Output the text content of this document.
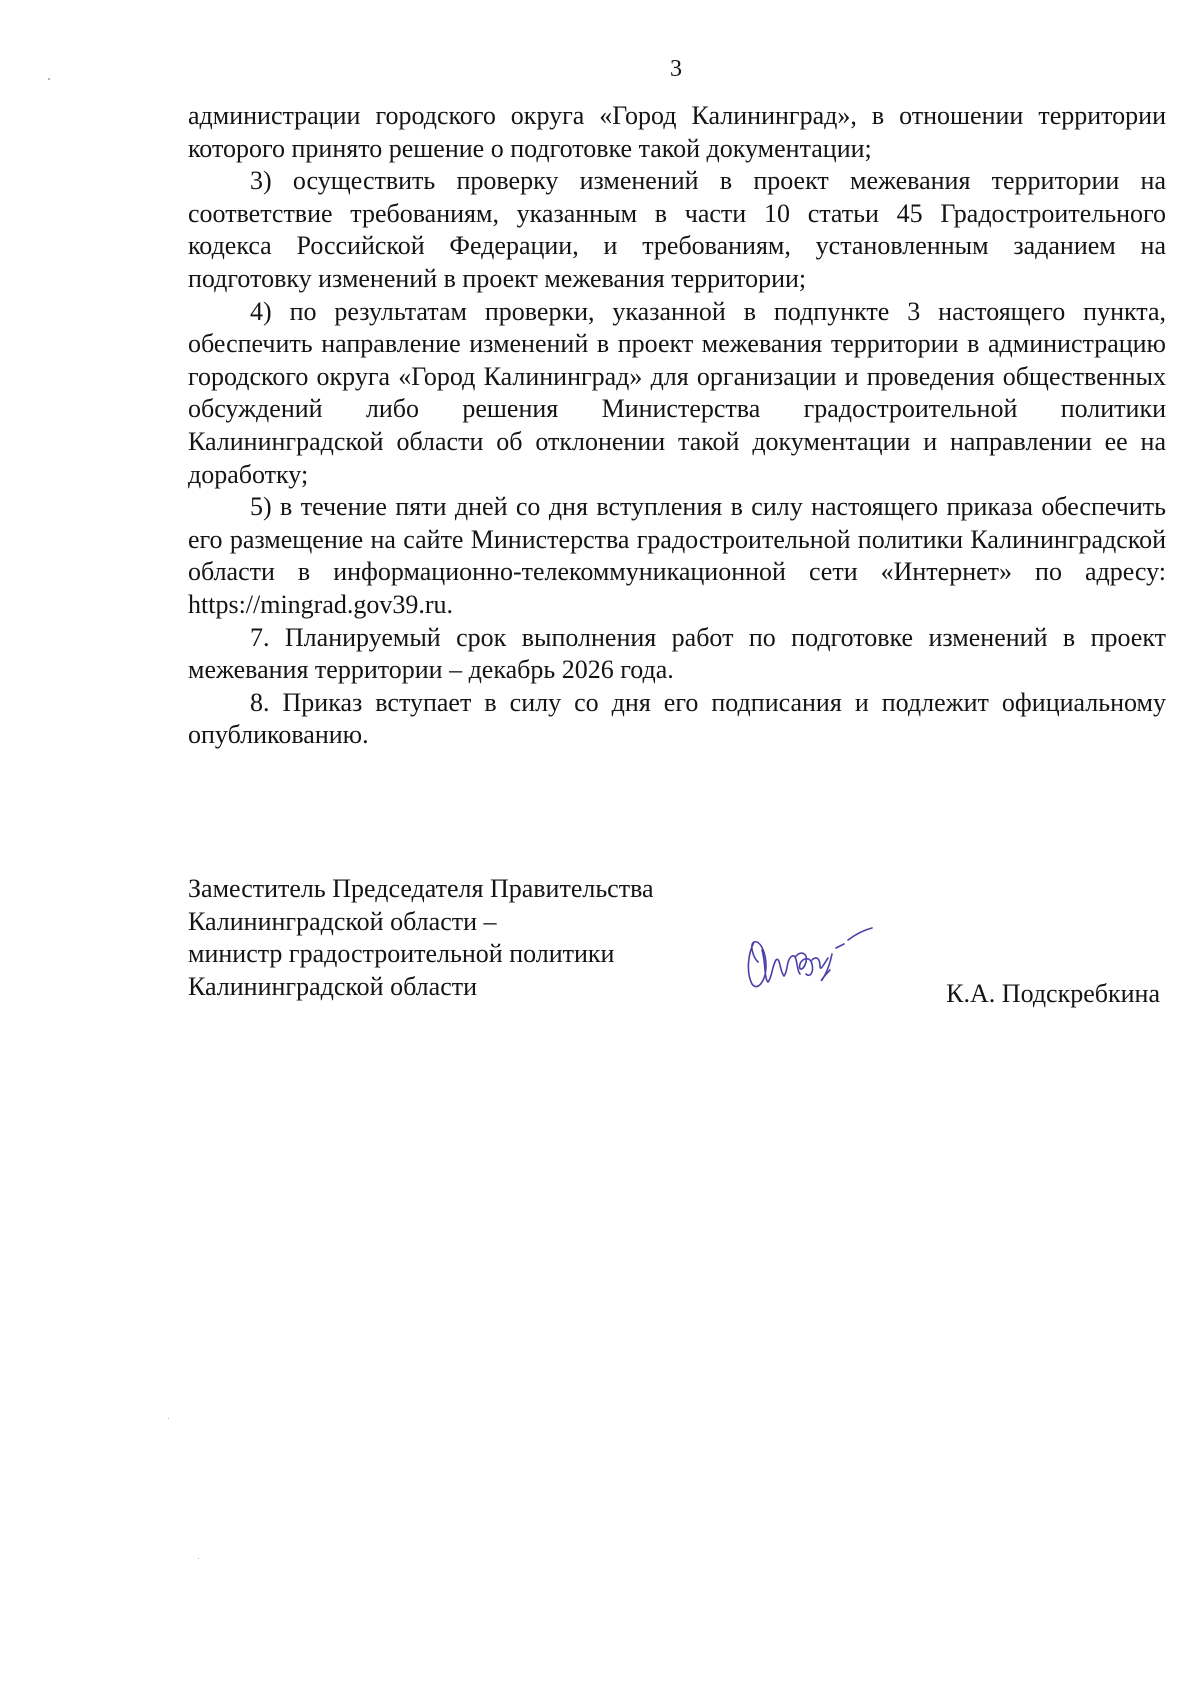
3

администрации городского округа «Город Калининград», в отношении территории которого принято решение о подготовке такой документации;

3) осуществить проверку изменений в проект межевания территории на соответствие требованиям, указанным в части 10 статьи 45 Градостроительного кодекса Российской Федерации, и требованиям, установленным заданием на подготовку изменений в проект межевания территории;

4) по результатам проверки, указанной в подпункте 3 настоящего пункта, обеспечить направление изменений в проект межевания территории в администрацию городского округа «Город Калининград» для организации и проведения общественных обсуждений либо решения Министерства градостроительной политики Калининградской области об отклонении такой документации и направлении ее на доработку;

5) в течение пяти дней со дня вступления в силу настоящего приказа обеспечить его размещение на сайте Министерства градостроительной политики Калининградской области в информационно-телекоммуникационной сети «Интернет» по адресу: https://mingrad.gov39.ru.

7. Планируемый срок выполнения работ по подготовке изменений в проект межевания территории – декабрь 2026 года.

8. Приказ вступает в силу со дня его подписания и подлежит официальному опубликованию.

Заместитель Председателя Правительства
Калининградской области –
министр градостроительной политики
Калининградской области	К.А. Подскребкина
